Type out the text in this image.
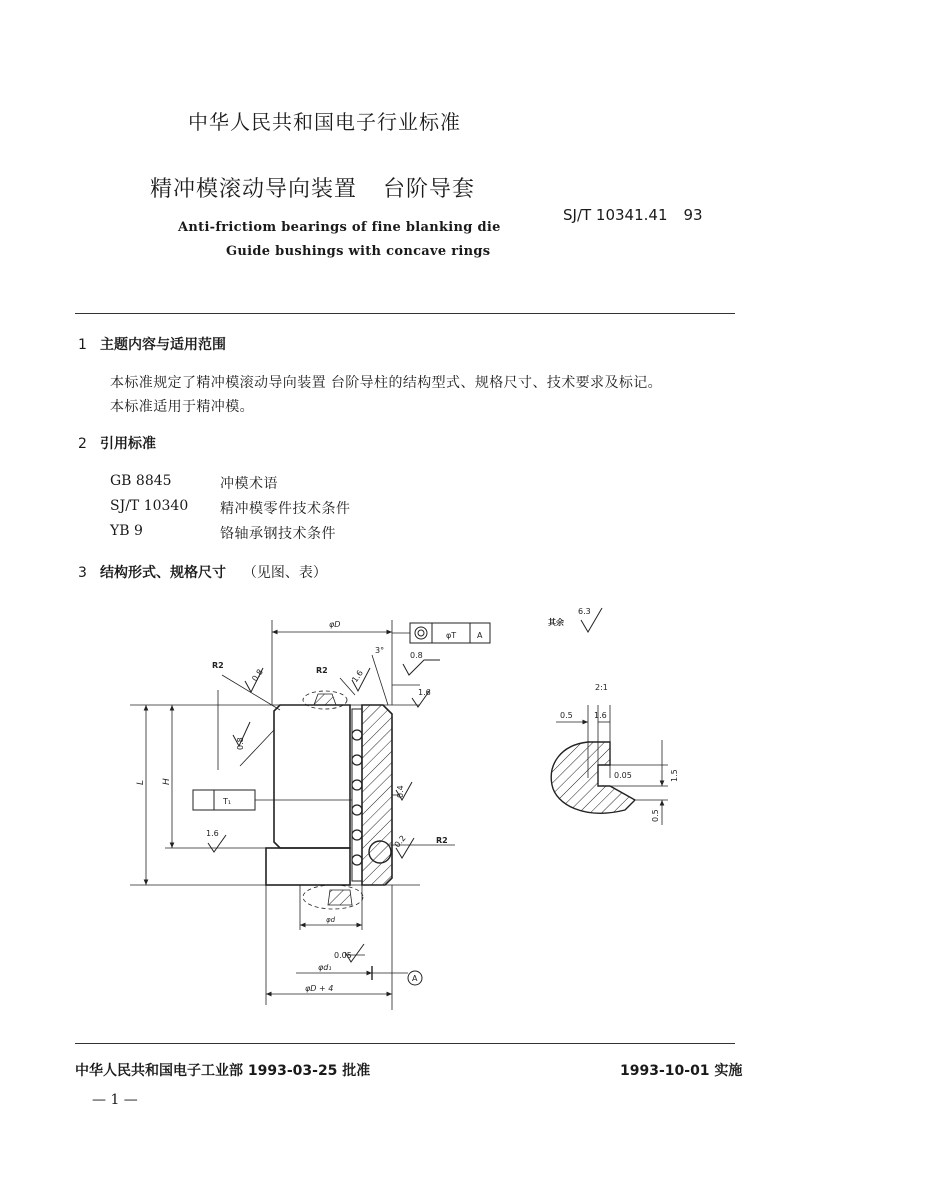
中华人民共和国电子行业标准
精冲模滚动导向装置 台阶导套
Anti-frictiom bearings of fine blanking die
Guide bushings with concave rings
SJ/T 10341.41 93
1 主题内容与适用范围
本标准规定了精冲模滚动导向装置 台阶导柱的结构型式、规格尺寸、技术要求及标记。
本标准适用于精冲模。
2 引用标准
GB 8845	冲模术语
SJ/T 10340 精冲模零件技术条件
YB 9	铬轴承钢技术条件
3 结构形式、规格尺寸 （见图、表）
φD
φT	A
3°
0.8
R2
R2
0.8	1.6
1.6
0.8
L H
T₁
0.4
1.6
0.2	R2
φd
0.05
φd₁
φD + 4
A
其余
6.3
2:1
0.5	1.6
0.05	1.5
0.5
中华人民共和国电子工业部 1993-03-25 批准	1993-10-01 实施
— 1 —
